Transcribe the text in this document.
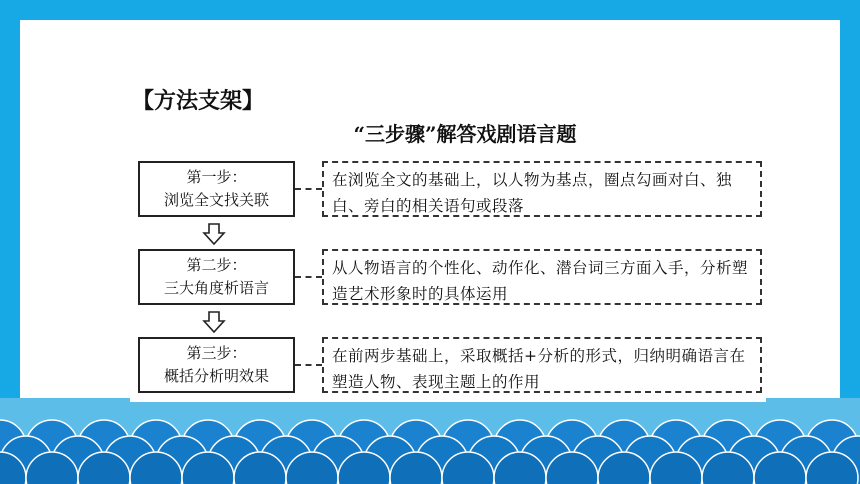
【方法支架】
“三步骤”解答戏剧语言题
第一步：
浏览全文找关联
在浏览全文的基础上，以人物为基点，圈点勾画对白、独白、旁白的相关语句或段落
第二步：
三大角度析语言
从人物语言的个性化、动作化、潜台词三方面入手，分析塑造艺术形象时的具体运用
第三步：
概括分析明效果
在前两步基础上，采取概括+分析的形式，归纳明确语言在塑造人物、表现主题上的作用
